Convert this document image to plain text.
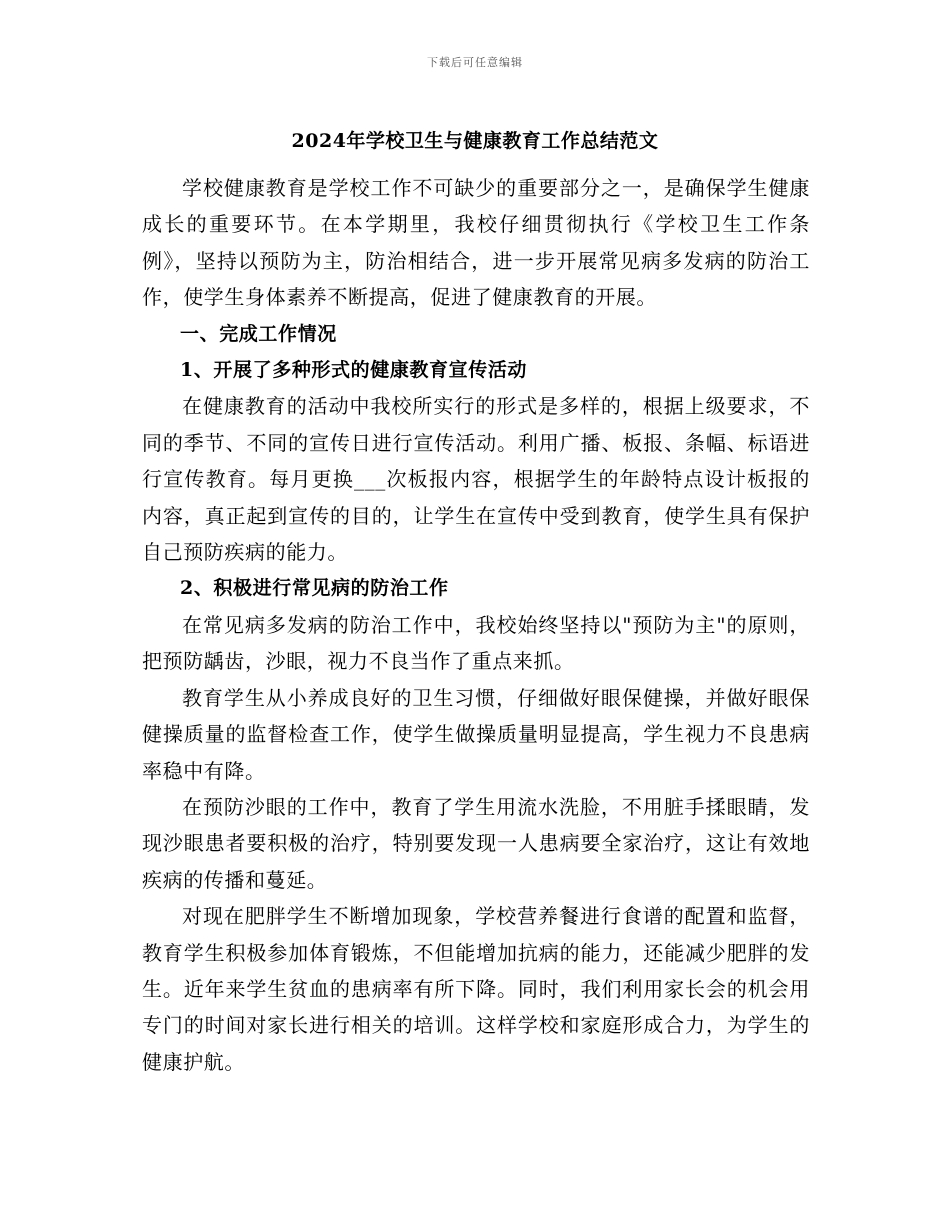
下载后可任意编辑
2024年学校卫生与健康教育工作总结范文

学校健康教育是学校工作不可缺少的重要部分之一，是确保学生健康成长的重要环节。在本学期里，我校仔细贯彻执行《学校卫生工作条例》，坚持以预防为主，防治相结合，进一步开展常见病多发病的防治工作，使学生身体素养不断提高，促进了健康教育的开展。

一、完成工作情况

1、开展了多种形式的健康教育宣传活动

在健康教育的活动中我校所实行的形式是多样的，根据上级要求，不同的季节、不同的宣传日进行宣传活动。利用广播、板报、条幅、标语进行宣传教育。每月更换___次板报内容，根据学生的年龄特点设计板报的内容，真正起到宣传的目的，让学生在宣传中受到教育，使学生具有保护自己预防疾病的能力。

2、积极进行常见病的防治工作

在常见病多发病的防治工作中，我校始终坚持以"预防为主"的原则，把预防龋齿，沙眼，视力不良当作了重点来抓。

教育学生从小养成良好的卫生习惯，仔细做好眼保健操，并做好眼保健操质量的监督检查工作，使学生做操质量明显提高，学生视力不良患病率稳中有降。

在预防沙眼的工作中，教育了学生用流水洗脸，不用脏手揉眼睛，发现沙眼患者要积极的治疗，特别要发现一人患病要全家治疗，这让有效地疾病的传播和蔓延。

对现在肥胖学生不断增加现象，学校营养餐进行食谱的配置和监督，教育学生积极参加体育锻炼，不但能增加抗病的能力，还能减少肥胖的发生。近年来学生贫血的患病率有所下降。同时，我们利用家长会的机会用专门的时间对家长进行相关的培训。这样学校和家庭形成合力，为学生的健康护航。
